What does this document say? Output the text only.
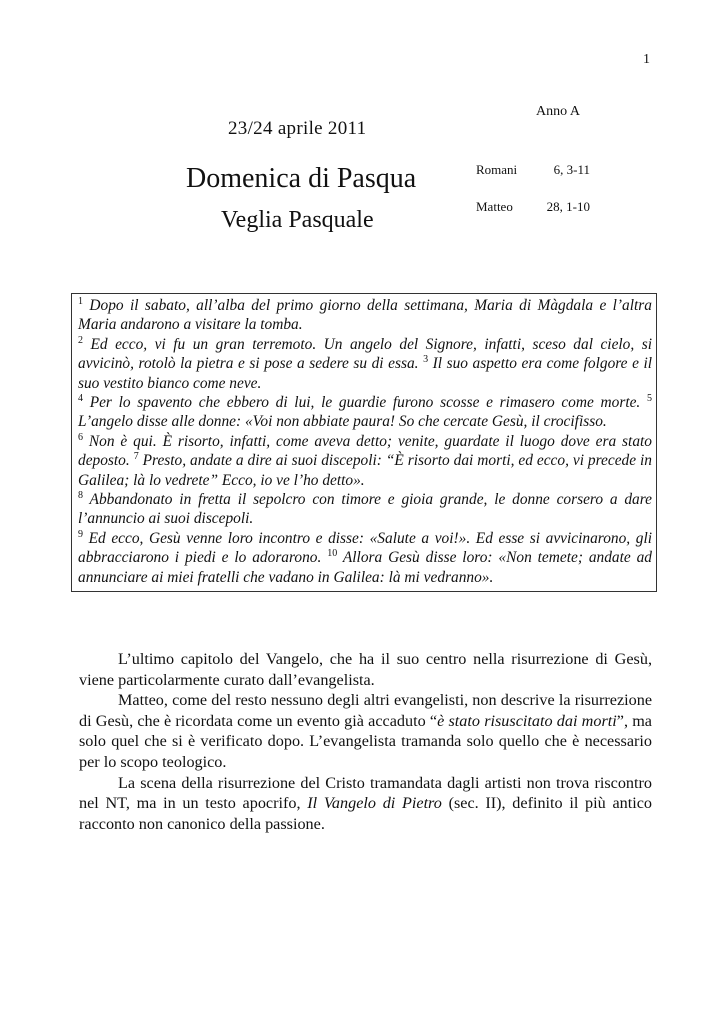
1
23/24 aprile 2011
Domenica di Pasqua
Veglia Pasquale
Anno A
Romani	6, 3-11
Matteo	28, 1-10

$^1$ Dopo il sabato, all’alba del primo giorno della settimana, Maria di Màgdala e l’altra Maria andarono a visitare la tomba.

$^2$ Ed ecco, vi fu un gran terremoto. Un angelo del Signore, infatti, sceso dal cielo, si avvicinò, rotolò la pietra e si pose a sedere su di essa. $^3$ Il suo aspetto era come folgore e il suo vestito bianco come neve.

$^4$ Per lo spavento che ebbero di lui, le guardie furono scosse e rimasero come morte. $^5$ L’angelo disse alle donne: «Voi non abbiate paura! So che cercate Gesù, il crocifisso.

$^6$ Non è qui. È risorto, infatti, come aveva detto; venite, guardate il luogo dove era stato deposto. $^7$ Presto, andate a dire ai suoi discepoli: “È risorto dai morti, ed ecco, vi precede in Galilea; là lo vedrete” Ecco, io ve l’ho detto».

$^8$ Abbandonato in fretta il sepolcro con timore e gioia grande, le donne corsero a dare l’annuncio ai suoi discepoli.

$^9$ Ed ecco, Gesù venne loro incontro e disse: «Salute a voi!». Ed esse si avvicinarono, gli abbracciarono i piedi e lo adorarono. $^{10}$ Allora Gesù disse loro: «Non temete; andate ad annunciare ai miei fratelli che vadano in Galilea: là mi vedranno».

L’ultimo capitolo del Vangelo, che ha il suo centro nella risurrezione di Gesù, viene particolarmente curato dall’evangelista.

Matteo, come del resto nessuno degli altri evangelisti, non descrive la risurrezione di Gesù, che è ricordata come un evento già accaduto “è stato risuscitato dai morti”, ma solo quel che si è verificato dopo. L’evangelista tramanda solo quello che è necessario per lo scopo teologico.

La scena della risurrezione del Cristo tramandata dagli artisti non trova riscontro nel NT, ma in un testo apocrifo, Il Vangelo di Pietro (sec. II), definito il più antico racconto non canonico della passione.
